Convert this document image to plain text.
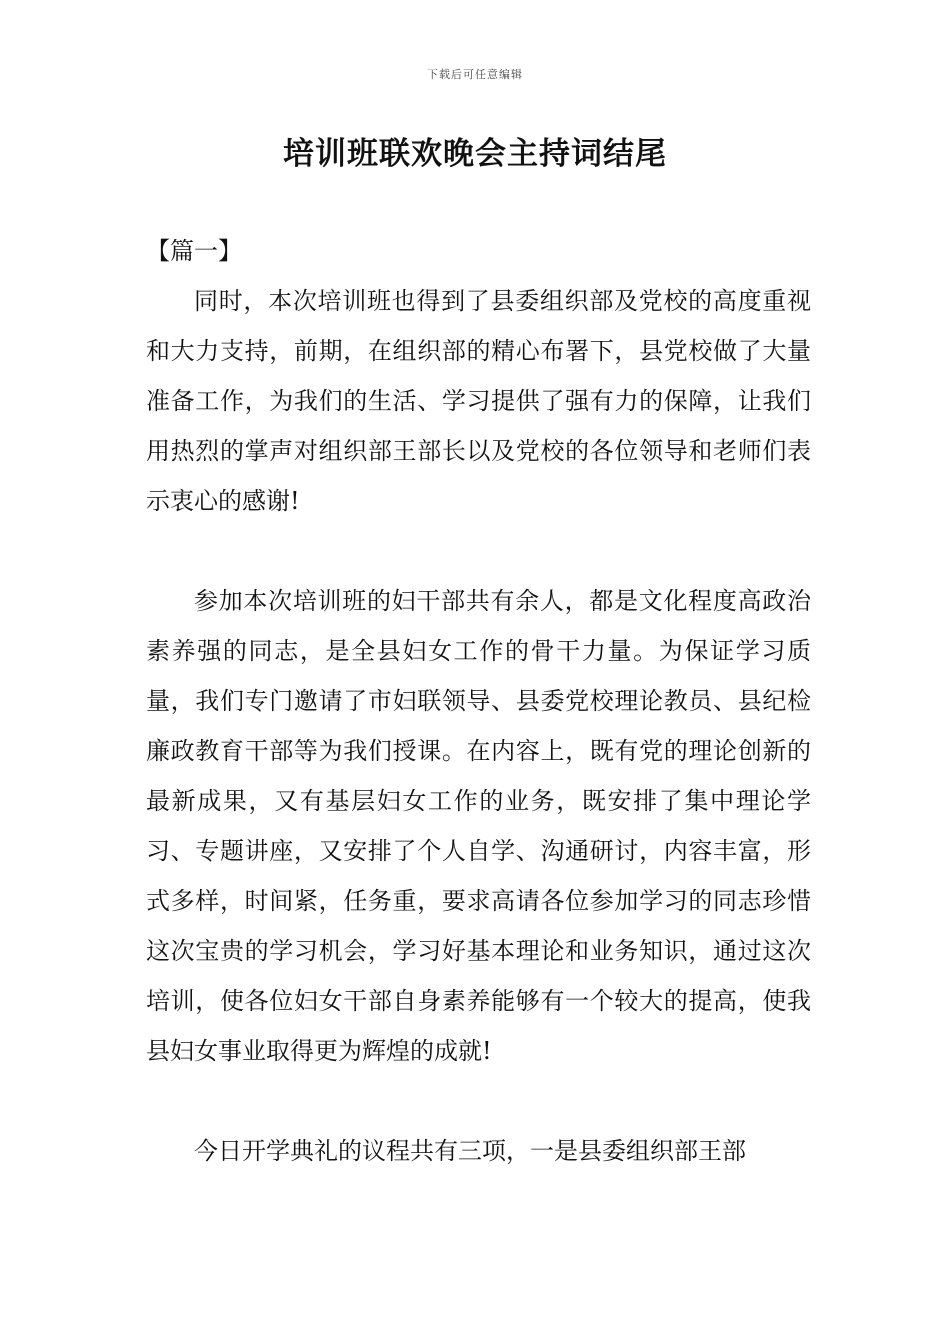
下载后可任意编辑
培训班联欢晚会主持词结尾
【篇一】

同时，本次培训班也得到了县委组织部及党校的高度重视和大力支持，前期，在组织部的精心布署下，县党校做了大量准备工作，为我们的生活、学习提供了强有力的保障，让我们用热烈的掌声对组织部王部长以及党校的各位领导和老师们表示衷心的感谢!

参加本次培训班的妇干部共有余人，都是文化程度高政治素养强的同志，是全县妇女工作的骨干力量。为保证学习质量，我们专门邀请了市妇联领导、县委党校理论教员、县纪检廉政教育干部等为我们授课。在内容上，既有党的理论创新的最新成果，又有基层妇女工作的业务，既安排了集中理论学习、专题讲座，又安排了个人自学、沟通研讨，内容丰富，形式多样，时间紧，任务重，要求高请各位参加学习的同志珍惜这次宝贵的学习机会，学习好基本理论和业务知识，通过这次培训，使各位妇女干部自身素养能够有一个较大的提高，使我县妇女事业取得更为辉煌的成就!

今日开学典礼的议程共有三项，一是县委组织部王部
